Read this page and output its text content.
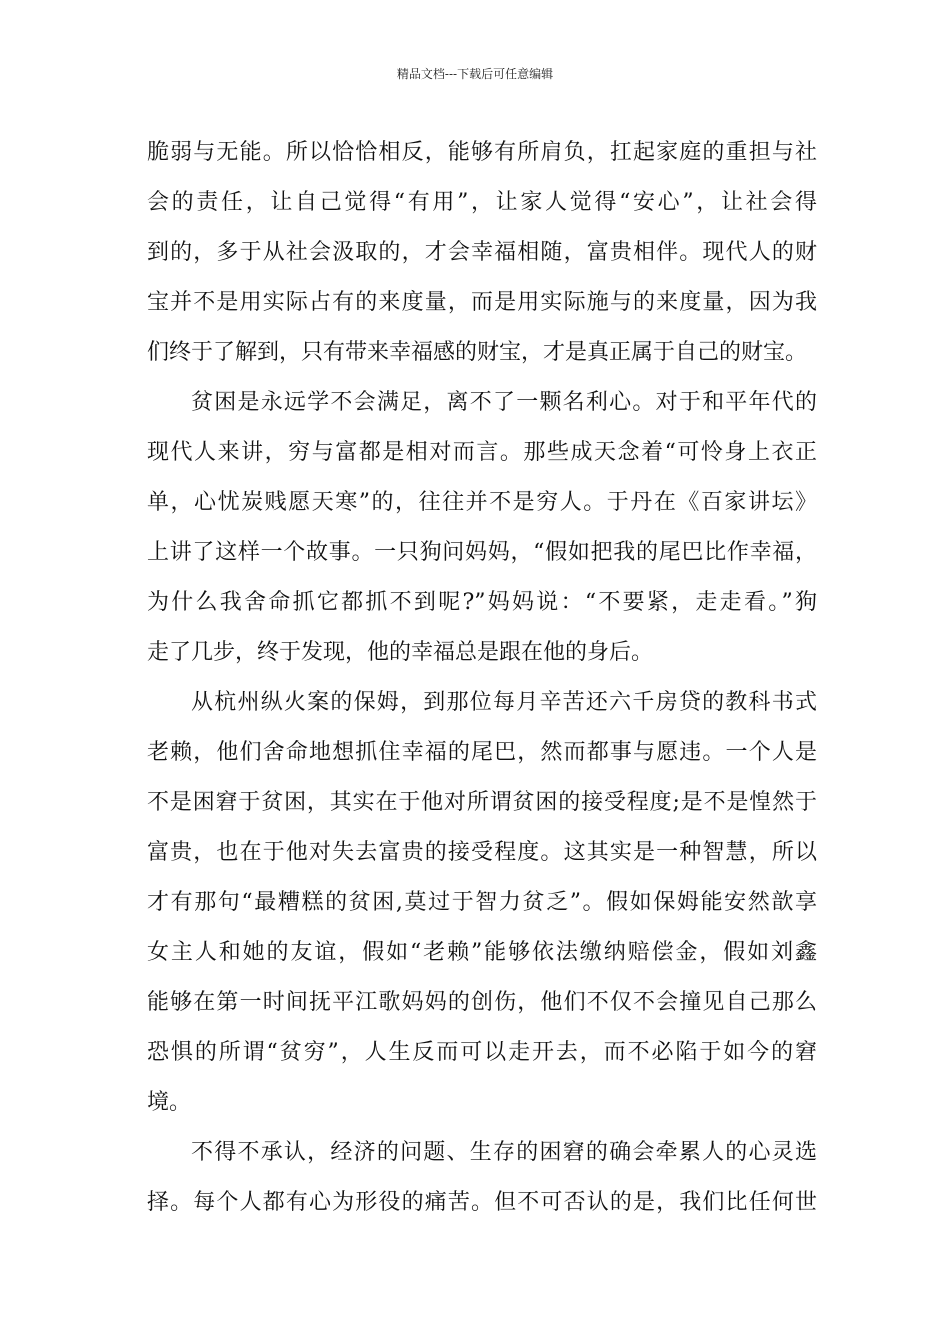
精品文档---下载后可任意编辑

脆弱与无能。所以恰恰相反，能够有所肩负，扛起家庭的重担与社

会的责任，让自己觉得“有用”，让家人觉得“安心”，让社会得

到的，多于从社会汲取的，才会幸福相随，富贵相伴。现代人的财

宝并不是用实际占有的来度量，而是用实际施与的来度量，因为我

们终于了解到，只有带来幸福感的财宝，才是真正属于自己的财宝。

贫困是永远学不会满足，离不了一颗名利心。对于和平年代的

现代人来讲，穷与富都是相对而言。那些成天念着“可怜身上衣正

单，心忧炭贱愿天寒”的，往往并不是穷人。于丹在《百家讲坛》

上讲了这样一个故事。一只狗问妈妈，“假如把我的尾巴比作幸福，

为什么我舍命抓它都抓不到呢?”妈妈说：“不要紧，走走看。”狗

走了几步，终于发现，他的幸福总是跟在他的身后。

从杭州纵火案的保姆，到那位每月辛苦还六千房贷的教科书式

老赖，他们舍命地想抓住幸福的尾巴，然而都事与愿违。一个人是

不是困窘于贫困，其实在于他对所谓贫困的接受程度;是不是惶然于

富贵，也在于他对失去富贵的接受程度。这其实是一种智慧，所以

才有那句“最糟糕的贫困,莫过于智力贫乏”。假如保姆能安然歆享

女主人和她的友谊，假如“老赖”能够依法缴纳赔偿金，假如刘鑫

能够在第一时间抚平江歌妈妈的创伤，他们不仅不会撞见自己那么

恐惧的所谓“贫穷”，人生反而可以走开去，而不必陷于如今的窘

境。

不得不承认，经济的问题、生存的困窘的确会牵累人的心灵选

择。每个人都有心为形役的痛苦。但不可否认的是，我们比任何世
